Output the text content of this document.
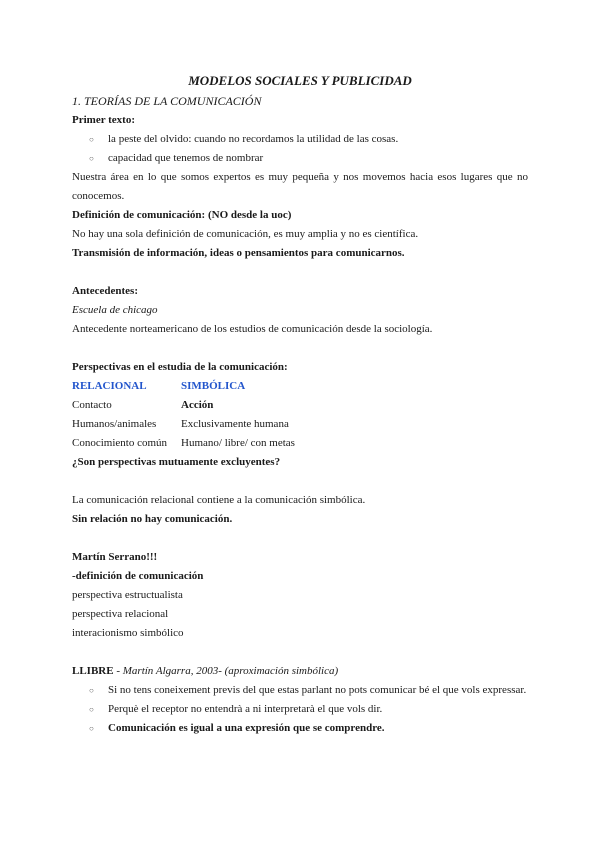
MODELOS SOCIALES Y PUBLICIDAD
1. TEORÍAS DE LA COMUNICACIÓN
Primer texto:
○ la peste del olvido: cuando no recordamos la utilidad de las cosas.
○ capacidad que tenemos de nombrar
Nuestra área en lo que somos expertos es muy pequeña y nos movemos hacia esos lugares que no conocemos.
Definición de comunicación: (NO desde la uoc)
No hay una sola definición de comunicación, es muy amplia y no es científica.
Transmisión de información, ideas o pensamientos para comunicarnos.
Antecedentes:
Escuela de chicago
Antecedente norteamericano de los estudios de comunicación desde la sociología.
Perspectivas en el estudia de la comunicación:
RELACIONAL	SIMBÓLICA
Contacto	Acción
Humanos/animales	Exclusivamente humana
Conocimiento común	Humano/ libre/ con metas
¿Son perspectivas mutuamente excluyentes?
La comunicación relacional contiene a la comunicación simbólica.
Sin relación no hay comunicación.
Martín Serrano!!!
-definición de comunicación
perspectiva estructualista
perspectiva relacional
interacionismo simbólico
LLIBRE - Martín Algarra, 2003- (aproximación simbólica)
○ Si no tens coneixement previs del que estas parlant no pots comunicar bé el que vols expressar.
○ Perquè el receptor no entendrà a ni interpretarà el que vols dir.
○ Comunicación es igual a una expresión que se comprendre.
